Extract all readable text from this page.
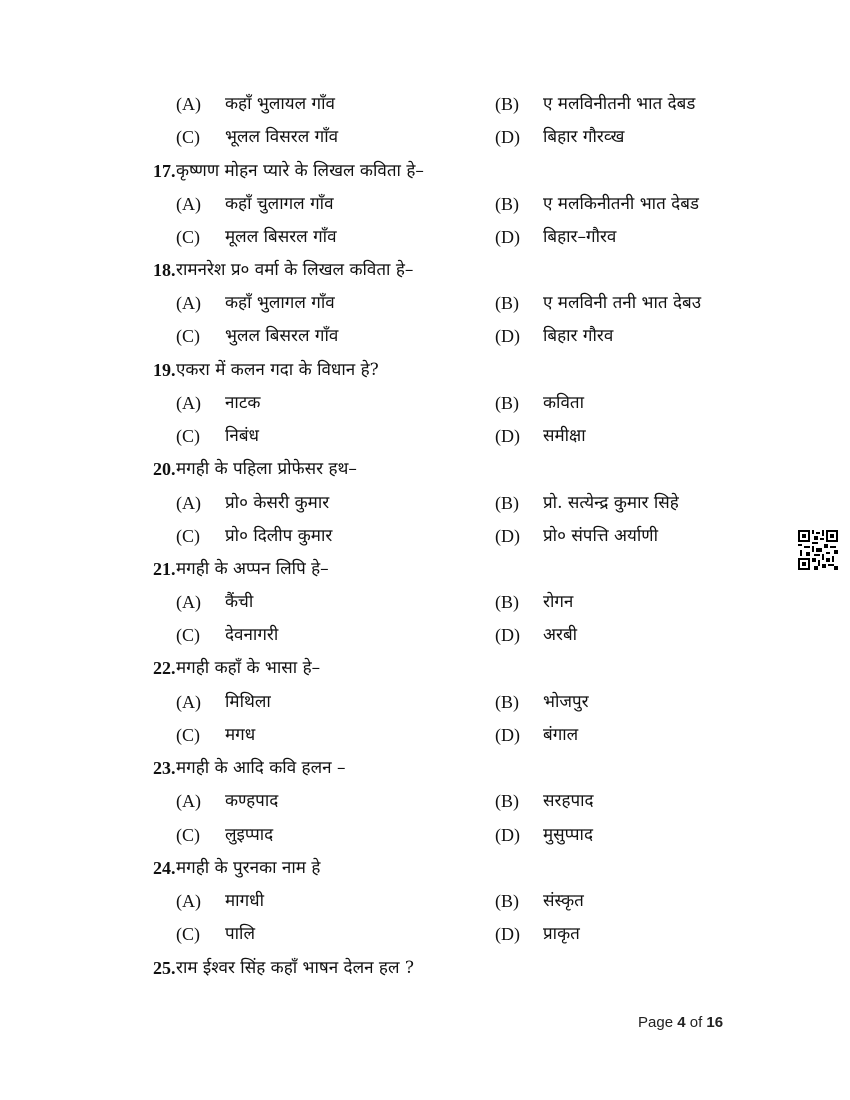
(A) कहाँ भुलायल गाँव	(B) ए मलविनीतनी भात देबड
(C) भूलल विसरल गाँव	(D) बिहार गौरव्ख
17. कृष्णण मोहन प्यारे के लिखल कविता हे–
(A) कहाँ चुलागल गाँव	(B) ए मलकिनीतनी भात देबड
(C) मूलल बिसरल गाँव	(D) बिहार–गौरव
18. रामनरेश प्र० वर्मा के लिखल कविता हे–
(A) कहाँ भुलागल गाँव	(B) ए मलविनी तनी भात देबउ
(C) भुलल बिसरल गाँव	(D) बिहार गौरव
19. एकरा में कलन गदा के विधान हे?
(A) नाटक	(B) कविता
(C) निबंध	(D) समीक्षा
20. मगही के पहिला प्रोफेसर हथ–
(A) प्रो० केसरी कुमार	(B) प्रो. सत्येन्द्र कुमार सिहे
(C) प्रो० दिलीप कुमार	(D) प्रो० संपत्ति अर्याणी
21. मगही के अप्पन लिपि हे–
(A) कैंची	(B) रोगन
(C) देवनागरी	(D) अरबी
22. मगही कहाँ के भासा हे–
(A) मिथिला	(B) भोजपुर
(C) मगध	(D) बंगाल
23. मगही के आदि कवि हलन –
(A) कण्हपाद	(B) सरहपाद
(C) लुइप्पाद	(D) मुसुप्पाद
24. मगही के पुरनका नाम हे
(A) मागधी	(B) संस्कृत
(C) पालि	(D) प्राकृत
25. राम ईश्वर सिंह कहाँ भाषन देलन हल ?
Page 4 of 16
